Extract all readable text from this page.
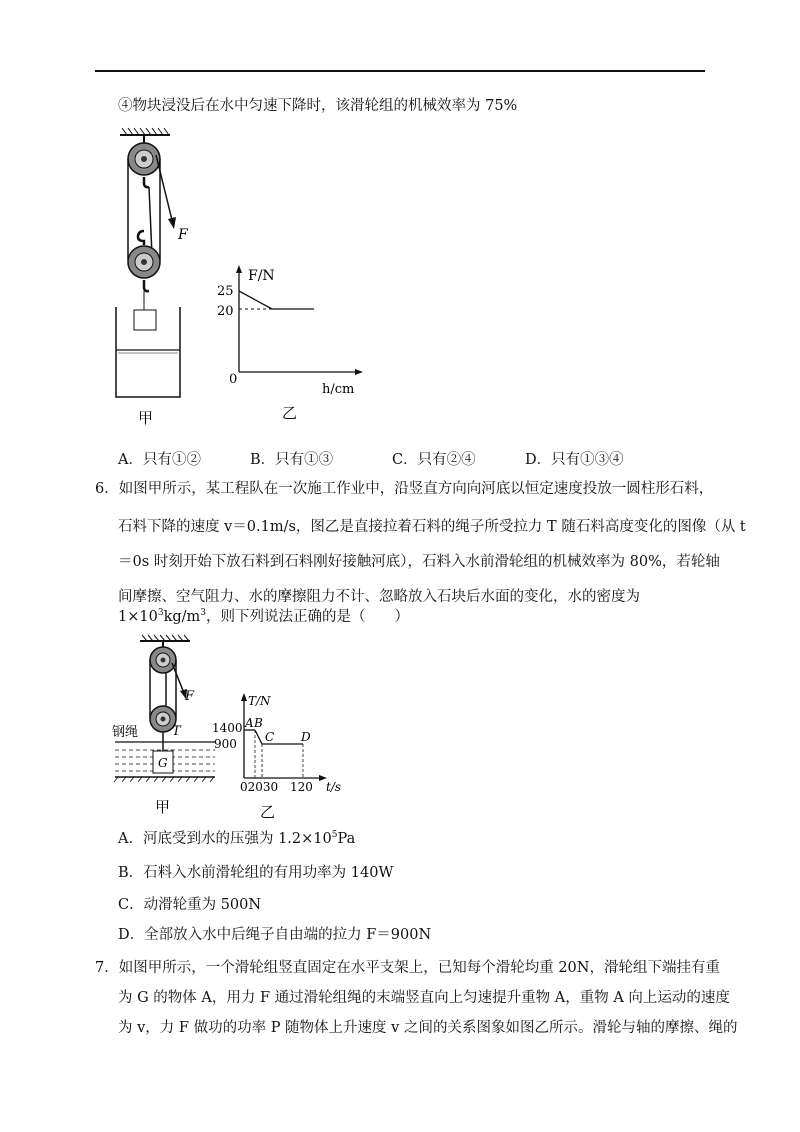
④物块浸没后在水中匀速下降时，该滑轮组的机械效率为 75%
F
甲
F/N
25
20
0
h/cm
乙
A．只有①②	B．只有①③	C．只有②④	D．只有①③④
6．如图甲所示，某工程队在一次施工作业中，沿竖直方向向河底以恒定速度投放一圆柱形石料，
石料下降的速度 v＝0.1m/s，图乙是直接拉着石料的绳子所受拉力 T 随石料高度变化的图像（从 t
＝0s 时刻开始下放石料到石料刚好接触河底），石料入水前滑轮组的机械效率为 80%，若轮轴
间摩擦、空气阻力、水的摩擦阻力不计、忽略放入石块后水面的变化，水的密度为
$1\times 10^3kg/m^3$，则下列说法正确的是（　　）
F
T
钢绳
G
甲
T/N
1400
900
02030 120 t/s
A B
C D
乙
A．河底受到水的压强为 $1.2\times 10^5Pa$
B．石料入水前滑轮组的有用功率为 140W
C．动滑轮重为 500N
D．全部放入水中后绳子自由端的拉力 F＝900N
7．如图甲所示，一个滑轮组竖直固定在水平支架上，已知每个滑轮均重 20N，滑轮组下端挂有重
为 G 的物体 A，用力 F 通过滑轮组绳的末端竖直向上匀速提升重物 A，重物 A 向上运动的速度
为 v，力 F 做功的功率 P 随物体上升速度 v 之间的关系图象如图乙所示。滑轮与轴的摩擦、绳的
